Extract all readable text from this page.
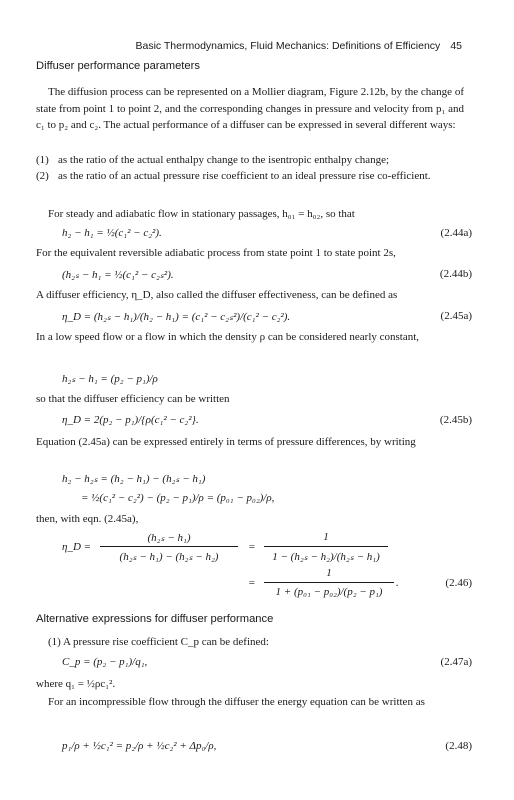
Basic Thermodynamics, Fluid Mechanics: Definitions of Efficiency 45
Diffuser performance parameters
The diffusion process can be represented on a Mollier diagram, Figure 2.12b, by the change of state from point 1 to point 2, and the corresponding changes in pressure and velocity from p₁ and c₁ to p₂ and c₂. The actual performance of a diffuser can be expressed in several different ways:
(1) as the ratio of the actual enthalpy change to the isentropic enthalpy change;
(2) as the ratio of an actual pressure rise coefficient to an ideal pressure rise co-efficient.
For steady and adiabatic flow in stationary passages, h₀₁ = h₀₂, so that
h₂ − h₁ = ½(c₁² − c₂²).	(2.44a)
For the equivalent reversible adiabatic process from state point 1 to state point 2s,
(h₂ₛ − h₁ = ½(c₁² − c₂ₛ²).	(2.44b)
A diffuser efficiency, η_D, also called the diffuser effectiveness, can be defined as
η_D = (h₂ₛ − h₁)/(h₂ − h₁) = (c₁² − c₂ₛ²)/(c₁² − c₂²).	(2.45a)
In a low speed flow or a flow in which the density ρ can be considered nearly constant,
h₂ₛ − h₁ = (p₂ − p₁)/ρ
so that the diffuser efficiency can be written
η_D = 2(p₂ − p₁)/{ρ(c₁² − c₂²}.	(2.45b)
Equation (2.45a) can be expressed entirely in terms of pressure differences, by writing
h₂ − h₂ₛ = (h₂ − h₁) − (h₂ₛ − h₁)
= ½(c₁² − c₂²) − (p₂ − p₁)/ρ = (p₀₁ − p₀₂)/ρ,
then, with eqn. (2.45a),
η_D =
(h₂ₛ − h₁)
(h₂ₛ − h₁) − (h₂ₛ − h₂)
=
1
1 − (h₂ₛ − h₂)/(h₂ₛ − h₁)
=
1
1 + (p₀₁ − p₀₂)/(p₂ − p₁)
.	(2.46)
Alternative expressions for diffuser performance
(1) A pressure rise coefficient C_p can be defined:
C_p = (p₂ − p₁)/q₁,	(2.47a)
where q₁ = ½ρc₁².
For an incompressible flow through the diffuser the energy equation can be written as
p₁/ρ + ½c₁² = p₂/ρ + ½c₂² + Δp₀/ρ,	(2.48)
